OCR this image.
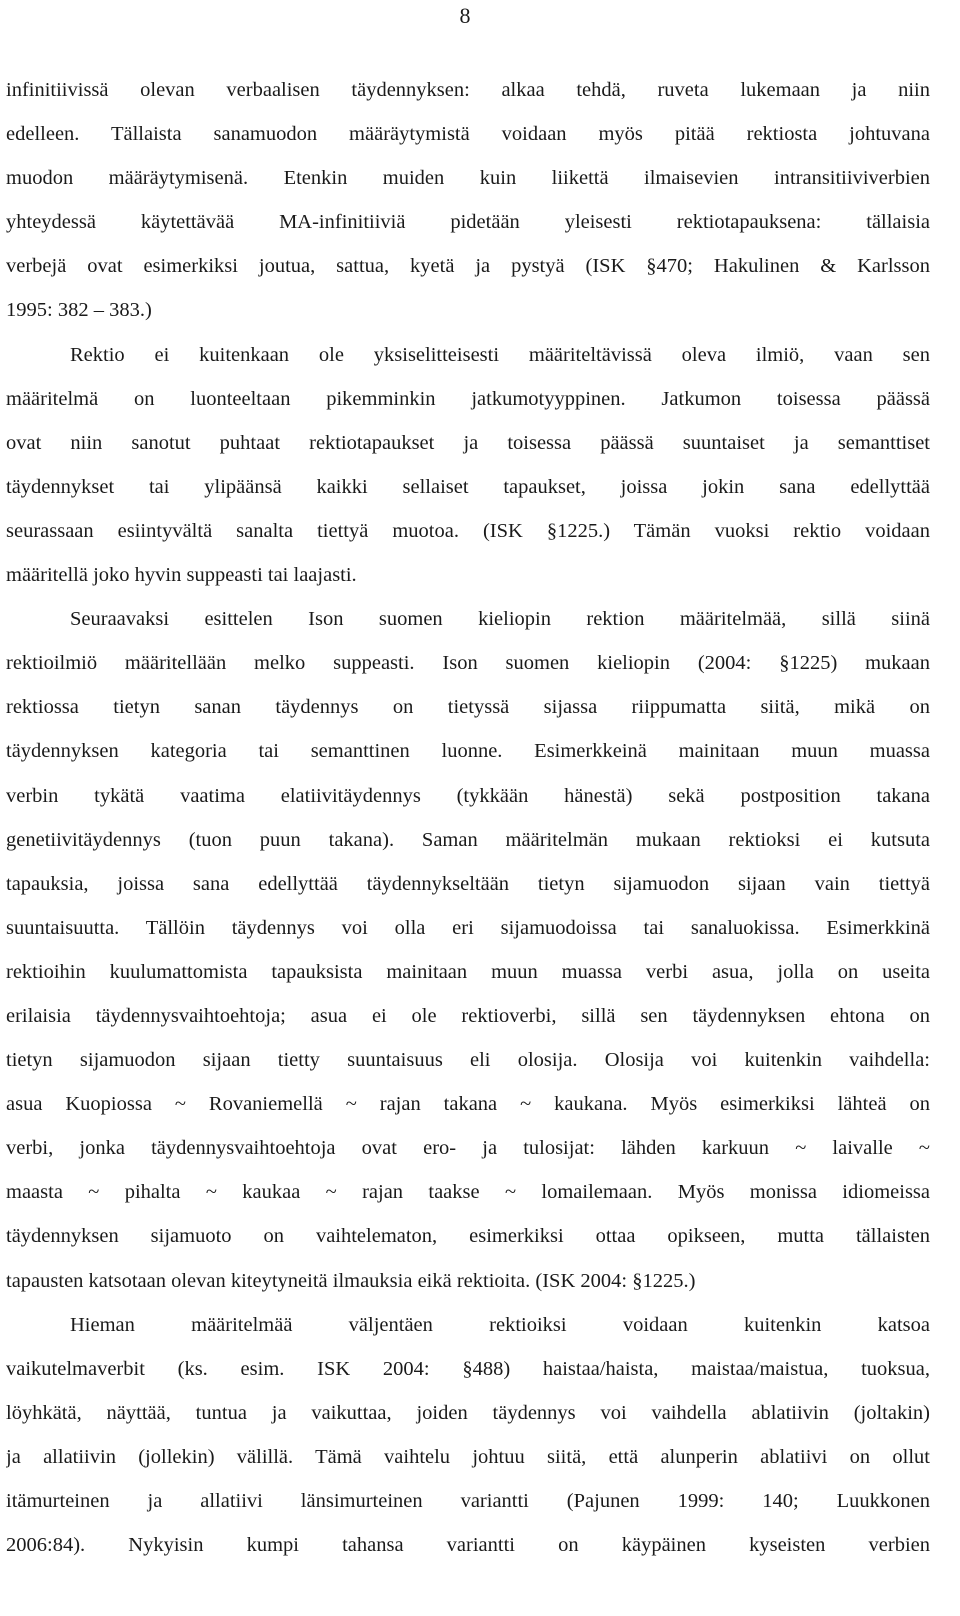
8
infinitiivissä olevan verbaalisen täydennyksen: alkaa tehdä, ruveta lukemaan ja niin
edelleen. Tällaista sanamuodon määräytymistä voidaan myös pitää rektiosta johtuvana
muodon määräytymisenä. Etenkin muiden kuin liikettä ilmaisevien intransitiiviverbien
yhteydessä käytettävää MA-infinitiiviä pidetään yleisesti rektiotapauksena: tällaisia
verbejä ovat esimerkiksi joutua, sattua, kyetä ja pystyä (ISK §470; Hakulinen & Karlsson
1995: 382 – 383.)
Rektio ei kuitenkaan ole yksiselitteisesti määriteltävissä oleva ilmiö, vaan sen
määritelmä on luonteeltaan pikemminkin jatkumotyyppinen. Jatkumon toisessa päässä
ovat niin sanotut puhtaat rektiotapaukset ja toisessa päässä suuntaiset ja semanttiset
täydennykset tai ylipäänsä kaikki sellaiset tapaukset, joissa jokin sana edellyttää
seurassaan esiintyvältä sanalta tiettyä muotoa. (ISK §1225.) Tämän vuoksi rektio voidaan
määritellä joko hyvin suppeasti tai laajasti.
Seuraavaksi esittelen Ison suomen kieliopin rektion määritelmää, sillä siinä
rektioilmiö määritellään melko suppeasti. Ison suomen kieliopin (2004: §1225) mukaan
rektiossa tietyn sanan täydennys on tietyssä sijassa riippumatta siitä, mikä on
täydennyksen kategoria tai semanttinen luonne. Esimerkkeinä mainitaan muun muassa
verbin tykätä vaatima elatiivitäydennys (tykkään hänestä) sekä postposition takana
genetiivitäydennys (tuon puun takana). Saman määritelmän mukaan rektioksi ei kutsuta
tapauksia, joissa sana edellyttää täydennykseltään tietyn sijamuodon sijaan vain tiettyä
suuntaisuutta. Tällöin täydennys voi olla eri sijamuodoissa tai sanaluokissa. Esimerkkinä
rektioihin kuulumattomista tapauksista mainitaan muun muassa verbi asua, jolla on useita
erilaisia täydennysvaihtoehtoja; asua ei ole rektioverbi, sillä sen täydennyksen ehtona on
tietyn sijamuodon sijaan tietty suuntaisuus eli olosija. Olosija voi kuitenkin vaihdella:
asua Kuopiossa ~ Rovaniemellä ~ rajan takana ~ kaukana. Myös esimerkiksi lähteä on
verbi, jonka täydennysvaihtoehtoja ovat ero- ja tulosijat: lähden karkuun ~ laivalle ~
maasta ~ pihalta ~ kaukaa ~ rajan taakse ~ lomailemaan. Myös monissa idiomeissa
täydennyksen sijamuoto on vaihtelematon, esimerkiksi ottaa opikseen, mutta tällaisten
tapausten katsotaan olevan kiteytyneitä ilmauksia eikä rektioita. (ISK 2004: §1225.)
Hieman määritelmää väljentäen rektioiksi voidaan kuitenkin katsoa
vaikutelmaverbit (ks. esim. ISK 2004: §488) haistaa/haista, maistaa/maistua, tuoksua,
löyhkätä, näyttää, tuntua ja vaikuttaa, joiden täydennys voi vaihdella ablatiivin (joltakin)
ja allatiivin (jollekin) välillä. Tämä vaihtelu johtuu siitä, että alunperin ablatiivi on ollut
itämurteinen ja allatiivi länsimurteinen variantti (Pajunen 1999: 140; Luukkonen
2006:84). Nykyisin kumpi tahansa variantti on käypäinen kyseisten verbien
